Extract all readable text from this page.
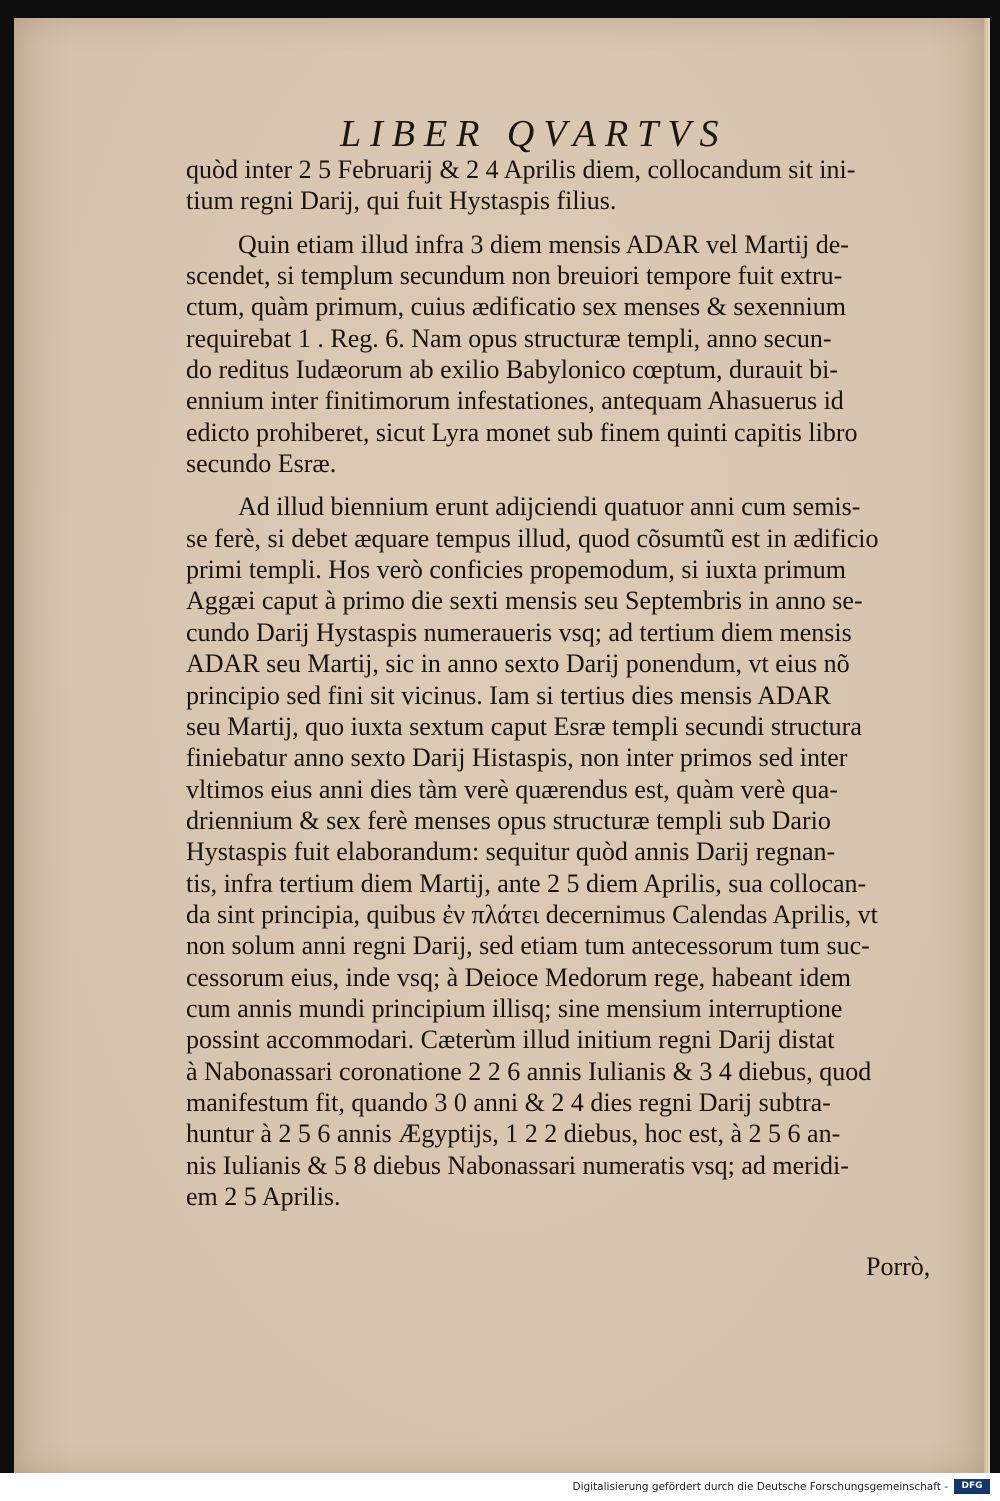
LIBER QVARTVS
quòd inter 2 5 Februarij & 2 4 Aprilis diem, collocandum sit ini-
tium regni Darij, qui fuit Hystaspis filius.
Quin etiam illud infra 3 diem mensis ADAR vel Martij de-
scendet, si templum secundum non breuiori tempore fuit extru-
ctum, quàm primum, cuius ædificatio sex menses & sexennium
requirebat 1 . Reg. 6. Nam opus structuræ templi, anno secun-
do reditus Iudæorum ab exilio Babylonico cœptum, durauit bi-
ennium inter finitimorum infestationes, antequam Ahasuerus id
edicto prohiberet, sicut Lyra monet sub finem quinti capitis libro
secundo Esræ.
Ad illud biennium erunt adijciendi quatuor anni cum semis-
se ferè, si debet æquare tempus illud, quod cõsumtũ est in ædificio
primi templi. Hos verò conficies propemodum, si iuxta primum
Aggæi caput à primo die sexti mensis seu Septembris in anno se-
cundo Darij Hystaspis numeraueris vsq; ad tertium diem mensis
ADAR seu Martij, sic in anno sexto Darij ponendum, vt eius nõ
principio sed fini sit vicinus. Iam si tertius dies mensis ADAR
seu Martij, quo iuxta sextum caput Esræ templi secundi structura
finiebatur anno sexto Darij Histaspis, non inter primos sed inter
vltimos eius anni dies tàm verè quærendus est, quàm verè qua-
driennium & sex ferè menses opus structuræ templi sub Dario
Hystaspis fuit elaborandum: sequitur quòd annis Darij regnan-
tis, infra tertium diem Martij, ante 2 5 diem Aprilis, sua collocan-
da sint principia, quibus ἐν πλάτει decernimus Calendas Aprilis, vt
non solum anni regni Darij, sed etiam tum antecessorum tum suc-
cessorum eius, inde vsq; à Deioce Medorum rege, habeant idem
cum annis mundi principium illisq; sine mensium interruptione
possint accommodari. Cæterùm illud initium regni Darij distat
à Nabonassari coronatione 2 2 6 annis Iulianis & 3 4 diebus, quod
manifestum fit, quando 3 0 anni & 2 4 dies regni Darij subtra-
huntur à 2 5 6 annis Ægyptijs, 1 2 2 diebus, hoc est, à 2 5 6 an-
nis Iulianis & 5 8 diebus Nabonassari numeratis vsq; ad meridi-
em 2 5 Aprilis.
Porrò,
Digitalisierung gefördert durch die Deutsche Forschungsgemeinschaft -	DFG
